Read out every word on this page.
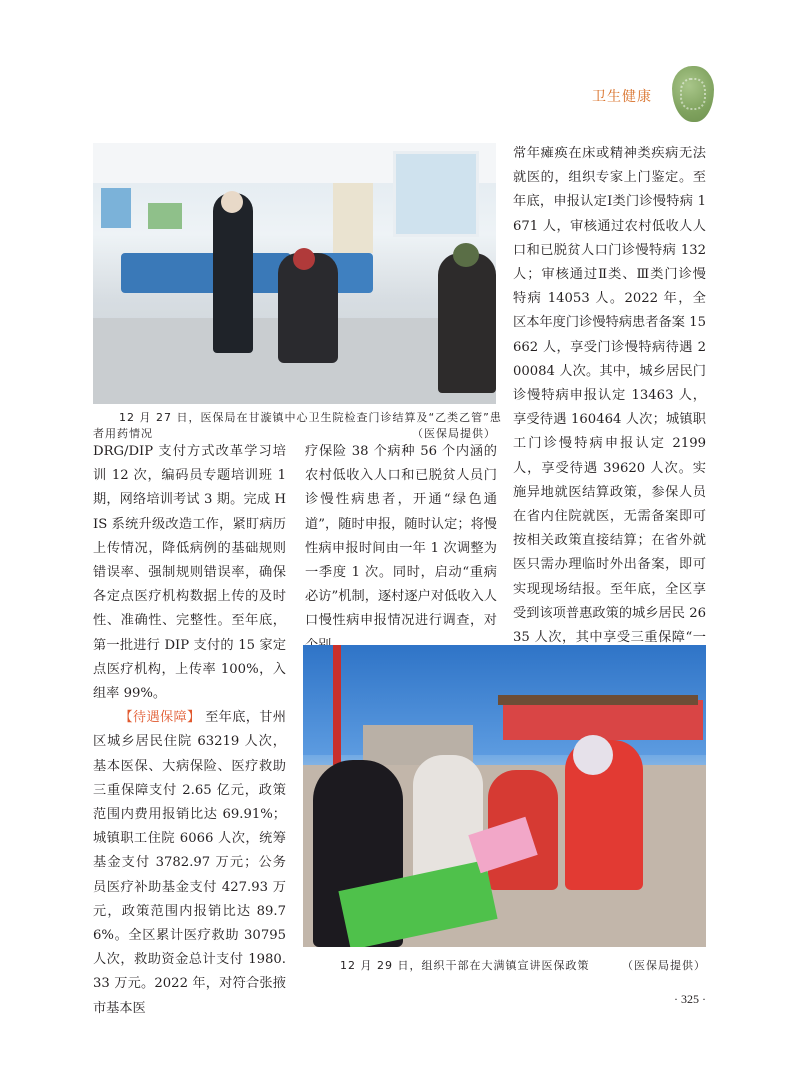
卫生健康
12 月 27 日，医保局在甘漩镇中心卫生院检查门诊结算及“乙类乙管”患
者用药情况	（医保局提供）

DRG/DIP 支付方式改革学习培训 12 次，编码员专题培训班 1 期，网络培训考试 3 期。完成 HIS 系统升级改造工作，紧盯病历上传情况，降低病例的基础规则错误率、强制规则错误率，确保各定点医疗机构数据上传的及时性、准确性、完整性。至年底，第一批进行 DIP 支付的 15 家定点医疗机构，上传率 100%，入组率 99%。

【待遇保障】 至年底，甘州区城乡居民住院 63219 人次，基本医保、大病保险、医疗救助三重保障支付 2.65 亿元，政策范围内费用报销比达 69.91%；城镇职工住院 6066 人次，统筹基金支付 3782.97 万元；公务员医疗补助基金支付 427.93 万元，政策范围内报销比达 89.76%。全区累计医疗救助 30795 人次，救助资金总计支付 1980.33 万元。2022 年，对符合张掖市基本医

疗保险 38 个病种 56 个内涵的农村低收入人口和已脱贫人员门诊慢性病患者，开通“绿色通道”，随时申报，随时认定；将慢性病申报时间由一年 1 次调整为一季度 1 次。同时，启动“重病必访”机制，逐村逐户对低收入人口慢性病申报情况进行调查，对

常年瘫痪在床或精神类疾病无法就医的，组织专家上门鉴定。至年底，申报认定Ⅰ类门诊慢特病 1671 人，审核通过农村低收人人口和已脱贫人口门诊慢特病 132 人；审核通过Ⅱ类、Ⅲ类门诊慢特病 14053 人。2022 年，全区本年度门诊慢特病患者备案 15662 人，享受门诊慢特病待遇 200084 人次。其中，城乡居民门诊慢特病申报认定 13463 人，享受待遇 160464 人次；城镇职工门诊慢特病申报认定 2199 人，享受待遇 39620 人次。实施异地就医结算政策，参保人员在省内住院就医，无需备案即可按相关政策直接结算；在省外就医只需办理临时外出备案，即可实现现场结报。至年底，全区享受到该项普惠政策的城乡居民 2635 人次，其中享受三重保障“一

12 月 29 日，组织干部在大满镇宣讲医保政策	（医保局提供）
· 325 ·
